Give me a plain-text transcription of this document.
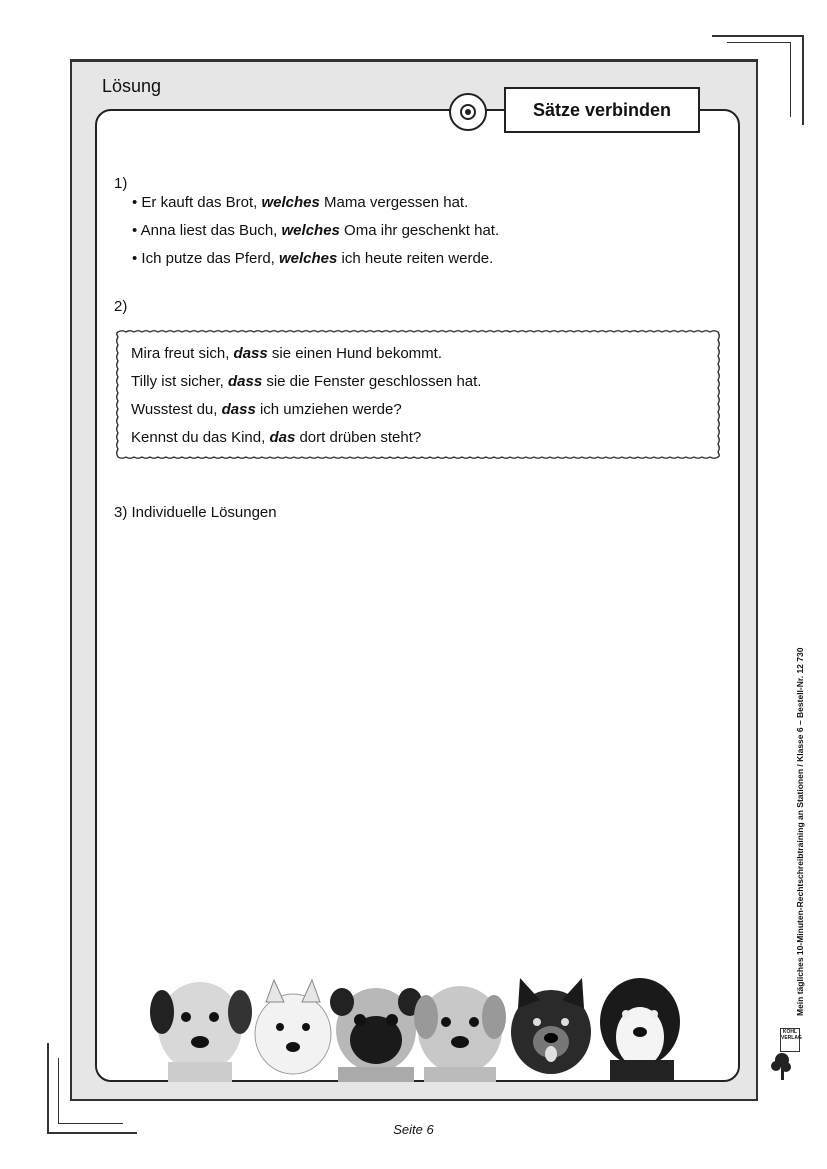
Lösung
Sätze verbinden
1)
• Er kauft das Brot, welches Mama vergessen hat.
• Anna liest das Buch, welches Oma ihr geschenkt hat.
• Ich putze das Pferd, welches ich heute reiten werde.
2)
Mira freut sich, dass sie einen Hund bekommt.
Tilly ist sicher, dass sie die Fenster geschlossen hat.
Wusstest du, dass ich umziehen werde?
Kennst du das Kind, das dort drüben steht?
3) Individuelle Lösungen
Seite 6
Mein tägliches 10-Minuten-Rechtschreibtraining an Stationen / Klasse 6 – Bestell-Nr. 12 730
KOHL VERLAG
